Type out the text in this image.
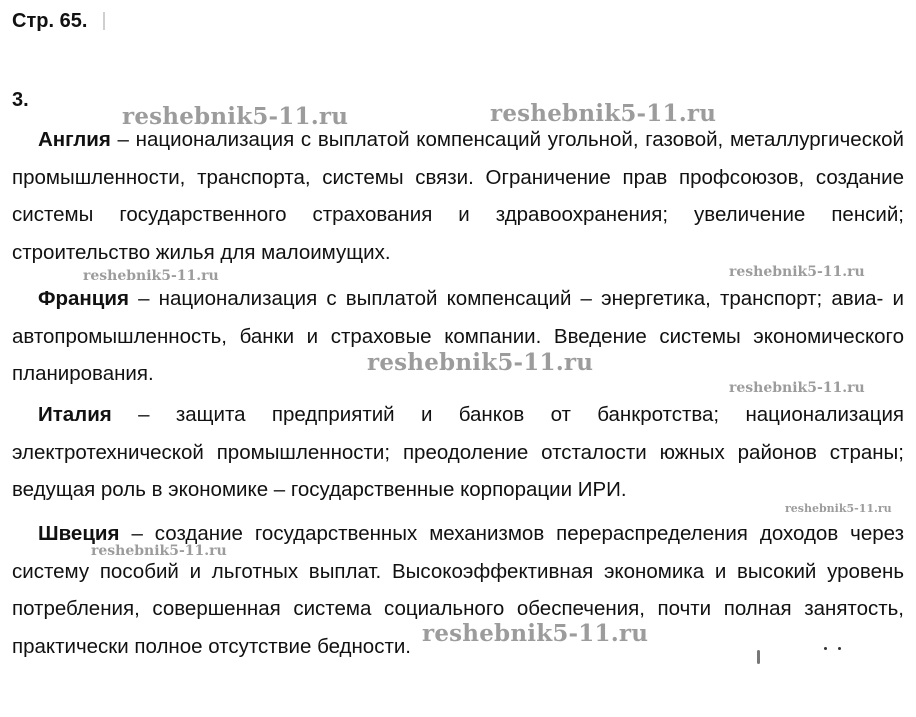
Стр. 65.
3.

Англия – национализация с выплатой компенсаций угольной, газовой, металлургической промышленности, транспорта, системы связи. Ограничение прав профсоюзов, создание системы государственного страхования и здравоохранения; увеличение пенсий; строительство жилья для малоимущих.

Франция – национализация с выплатой компенсаций – энергетика, транспорт; авиа- и автопромышленность, банки и страховые компании. Введение системы экономического планирования.

Италия – защита предприятий и банков от банкротства; национализация электротехнической промышленности; преодоление отсталости южных районов страны; ведущая роль в экономике – государственные корпорации ИРИ.

Швеция – создание государственных механизмов перераспределения доходов через систему пособий и льготных выплат. Высокоэффективная экономика и высокий уровень потребления, совершенная система социального обеспечения, почти полная занятость, практически полное отсутствие бедности.

reshebnik5-11.ru	reshebnik5-11.ru
reshebnik5-11.ru	reshebnik5-11.ru
reshebnik5-11.ru
reshebnik5-11.ru
reshebnik5-11.ru
reshebnik5-11.ru
reshebnik5-11.ru
